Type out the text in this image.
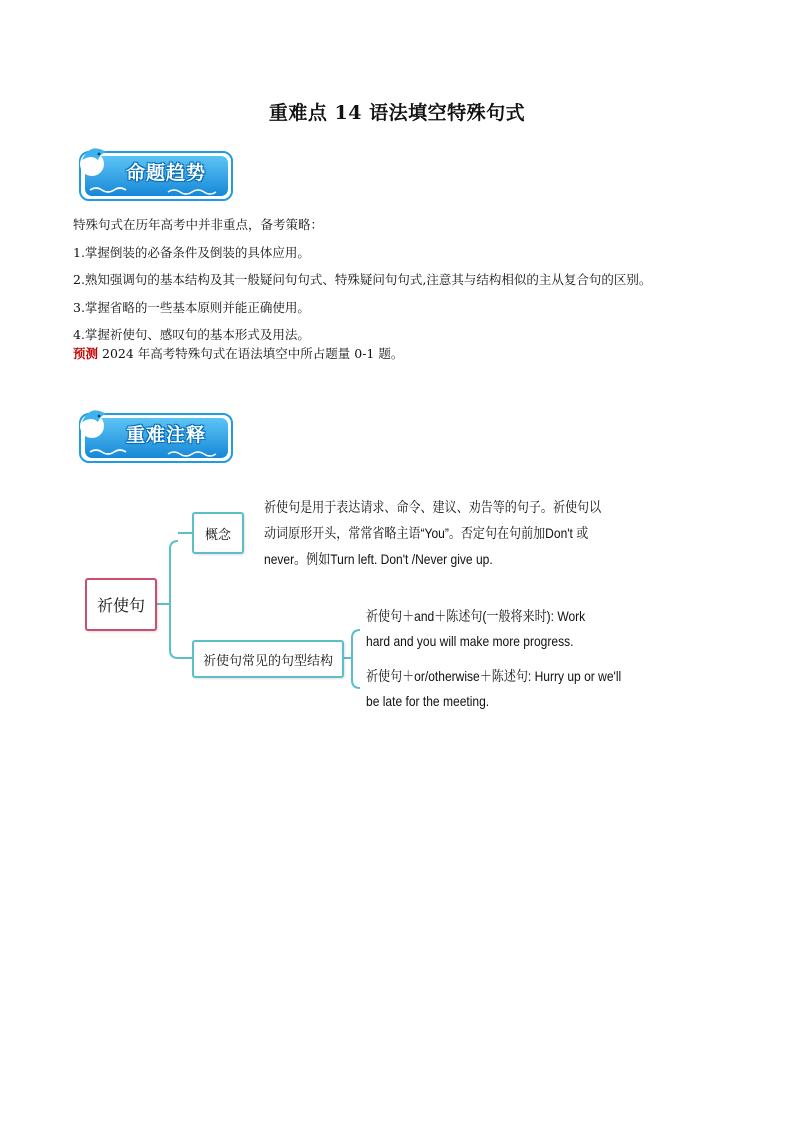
重难点 14 语法填空特殊句式
命题趋势

特殊句式在历年高考中并非重点，备考策略：

1.掌握倒装的必备条件及倒装的具体应用。

2.熟知强调句的基本结构及其一般疑问句句式、特殊疑问句句式,注意其与结构相似的主从复合句的区别。

3.掌握省略的一些基本原则并能正确使用。

4.掌握祈使句、感叹句的基本形式及用法。

预测 2024 年高考特殊句式在语法填空中所占题量 0-1 题。

重难注释
祈使句
概念
祈使句是用于表达请求、命令、建议、劝告等的句子。祈使句以
动词原形开头，常常省略主语“You”。否定句在句前加Don't 或
never。例如Turn left. Don't /Never give up.
祈使句常见的句型结构
祈使句＋and＋陈述句(一般将来时): Work
hard and you will make more progress.
祈使句＋or/otherwise＋陈述句: Hurry up or we'll
be late for the meeting.
